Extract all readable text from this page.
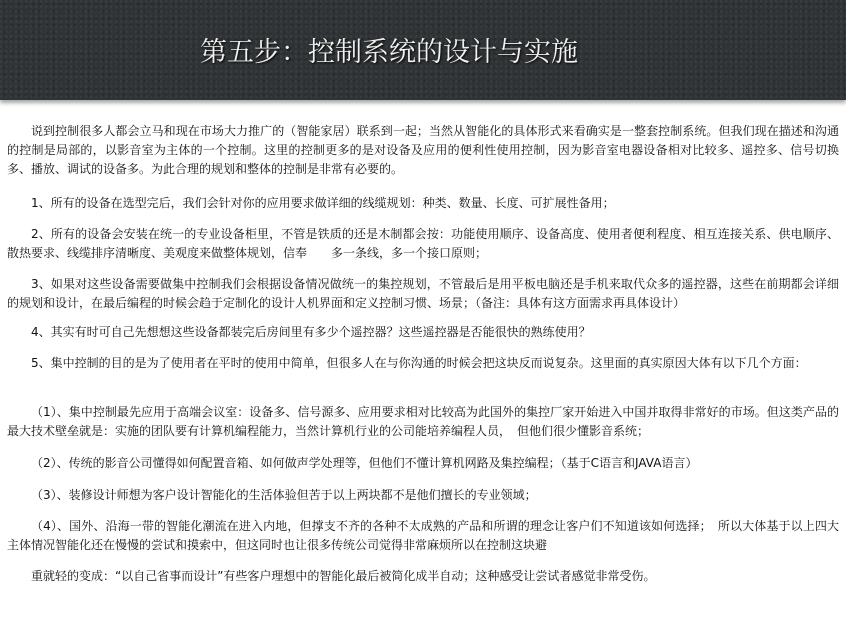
第五步：控制系统的设计与实施

说到控制很多人都会立马和现在市场大力推广的（智能家居）联系到一起；当然从智能化的具体形式来看确实是一整套控制系统。但我们现在描述和沟通的控制是局部的，以影音室为主体的一个控制。这里的控制更多的是对设备及应用的便利性使用控制，因为影音室电器设备相对比较多、遥控多、信号切换多、播放、调试的设备多。为此合理的规划和整体的控制是非常有必要的。

1、所有的设备在选型完后，我们会针对你的应用要求做详细的线缆规划：种类、数量、长度、可扩展性备用；

2、所有的设备会安装在统一的专业设备柜里，不管是铁质的还是木制都会按：功能使用顺序、设备高度、使用者便利程度、相互连接关系、供电顺序、散热要求、线缆排序清晰度、美观度来做整体规划，信奉　　多一条线，多一个接口原则；

3、如果对这些设备需要做集中控制我们会根据设备情况做统一的集控规划，不管最后是用平板电脑还是手机来取代众多的遥控器，这些在前期都会详细的规划和设计，在最后编程的时候会趋于定制化的设计人机界面和定义控制习惯、场景；（备注：具体有这方面需求再具体设计）

4、其实有时可自己先想想这些设备都装完后房间里有多少个遥控器？这些遥控器是否能很快的熟练使用？

5、集中控制的目的是为了使用者在平时的使用中简单，但很多人在与你沟通的时候会把这块反而说复杂。这里面的真实原因大体有以下几个方面：

（1）、集中控制最先应用于高端会议室：设备多、信号源多、应用要求相对比较高为此国外的集控厂家开始进入中国并取得非常好的市场。但这类产品的最大技术壁垒就是：实施的团队要有计算机编程能力，当然计算机行业的公司能培养编程人员，　但他们很少懂影音系统；

（2）、传统的影音公司懂得如何配置音箱、如何做声学处理等，但他们不懂计算机网路及集控编程；（基于C语言和JAVA语言）

（3）、装修设计师想为客户设计智能化的生活体验但苦于以上两块都不是他们擅长的专业领域；

（4）、国外、沿海一带的智能化潮流在进入内地，但撑支不齐的各种不太成熟的产品和所谓的理念让客户们不知道该如何选择；　所以大体基于以上四大主体情况智能化还在慢慢的尝试和摸索中，但这同时也让很多传统公司觉得非常麻烦所以在控制这块避

重就轻的变成：“以自己省事而设计”有些客户理想中的智能化最后被简化成半自动；这种感受让尝试者感觉非常受伤。
